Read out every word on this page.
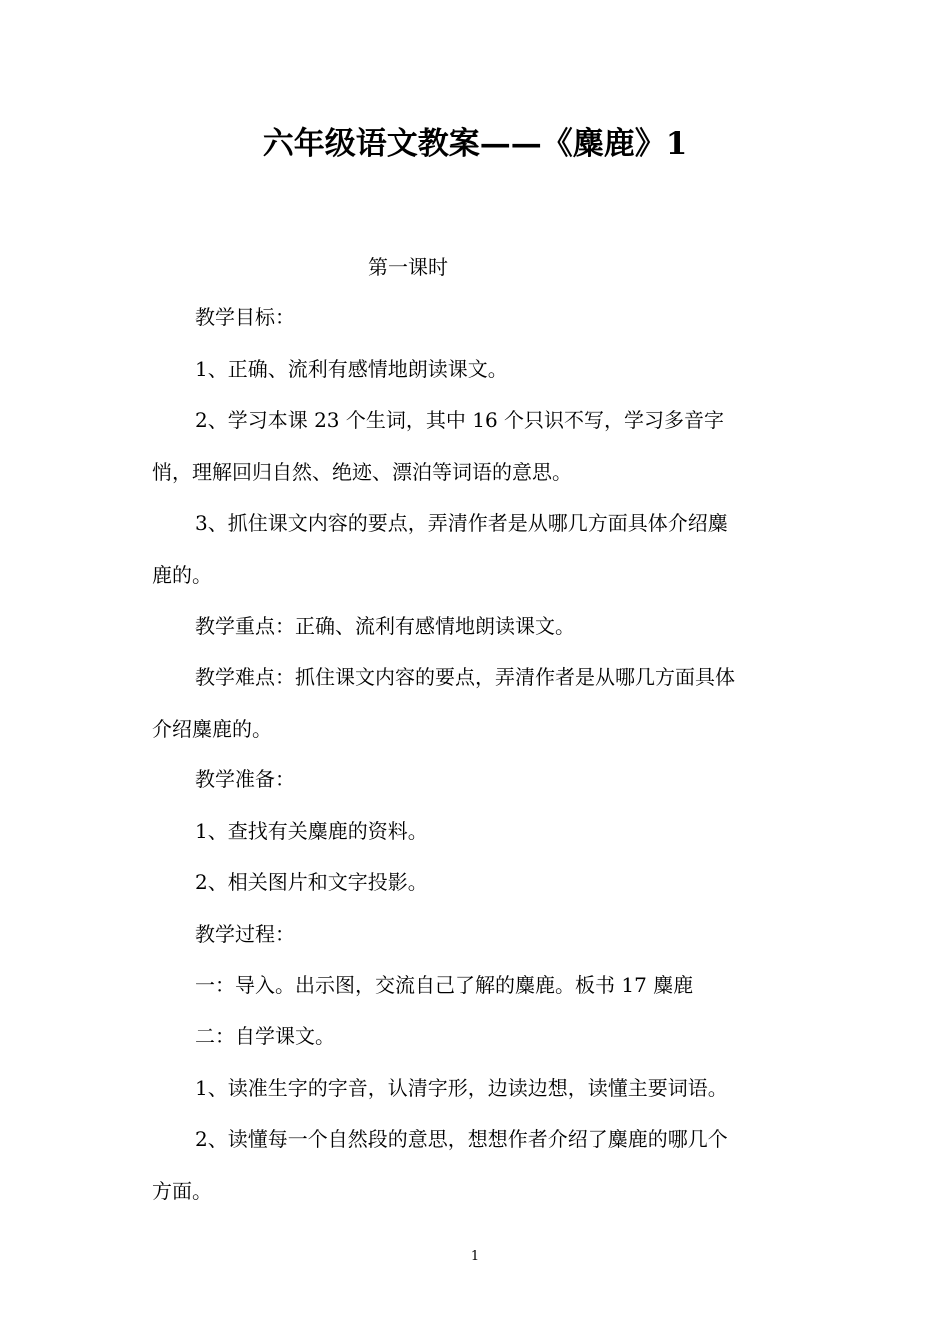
六年级语文教案——《麋鹿》1
第一课时
教学目标：
1、正确、流利有感情地朗读课文。
2、学习本课 23 个生词，其中 16 个只识不写，学习多音字
悄，理解回归自然、绝迹、漂泊等词语的意思。
3、抓住课文内容的要点，弄清作者是从哪几方面具体介绍麋
鹿的。
教学重点：正确、流利有感情地朗读课文。
教学难点：抓住课文内容的要点，弄清作者是从哪几方面具体
介绍麋鹿的。
教学准备：
1、查找有关麋鹿的资料。
2、相关图片和文字投影。
教学过程：
一：导入。出示图，交流自己了解的麋鹿。板书 17 麋鹿
二：自学课文。
1、读准生字的字音，认清字形，边读边想，读懂主要词语。
2、读懂每一个自然段的意思，想想作者介绍了麋鹿的哪几个
方面。
1
